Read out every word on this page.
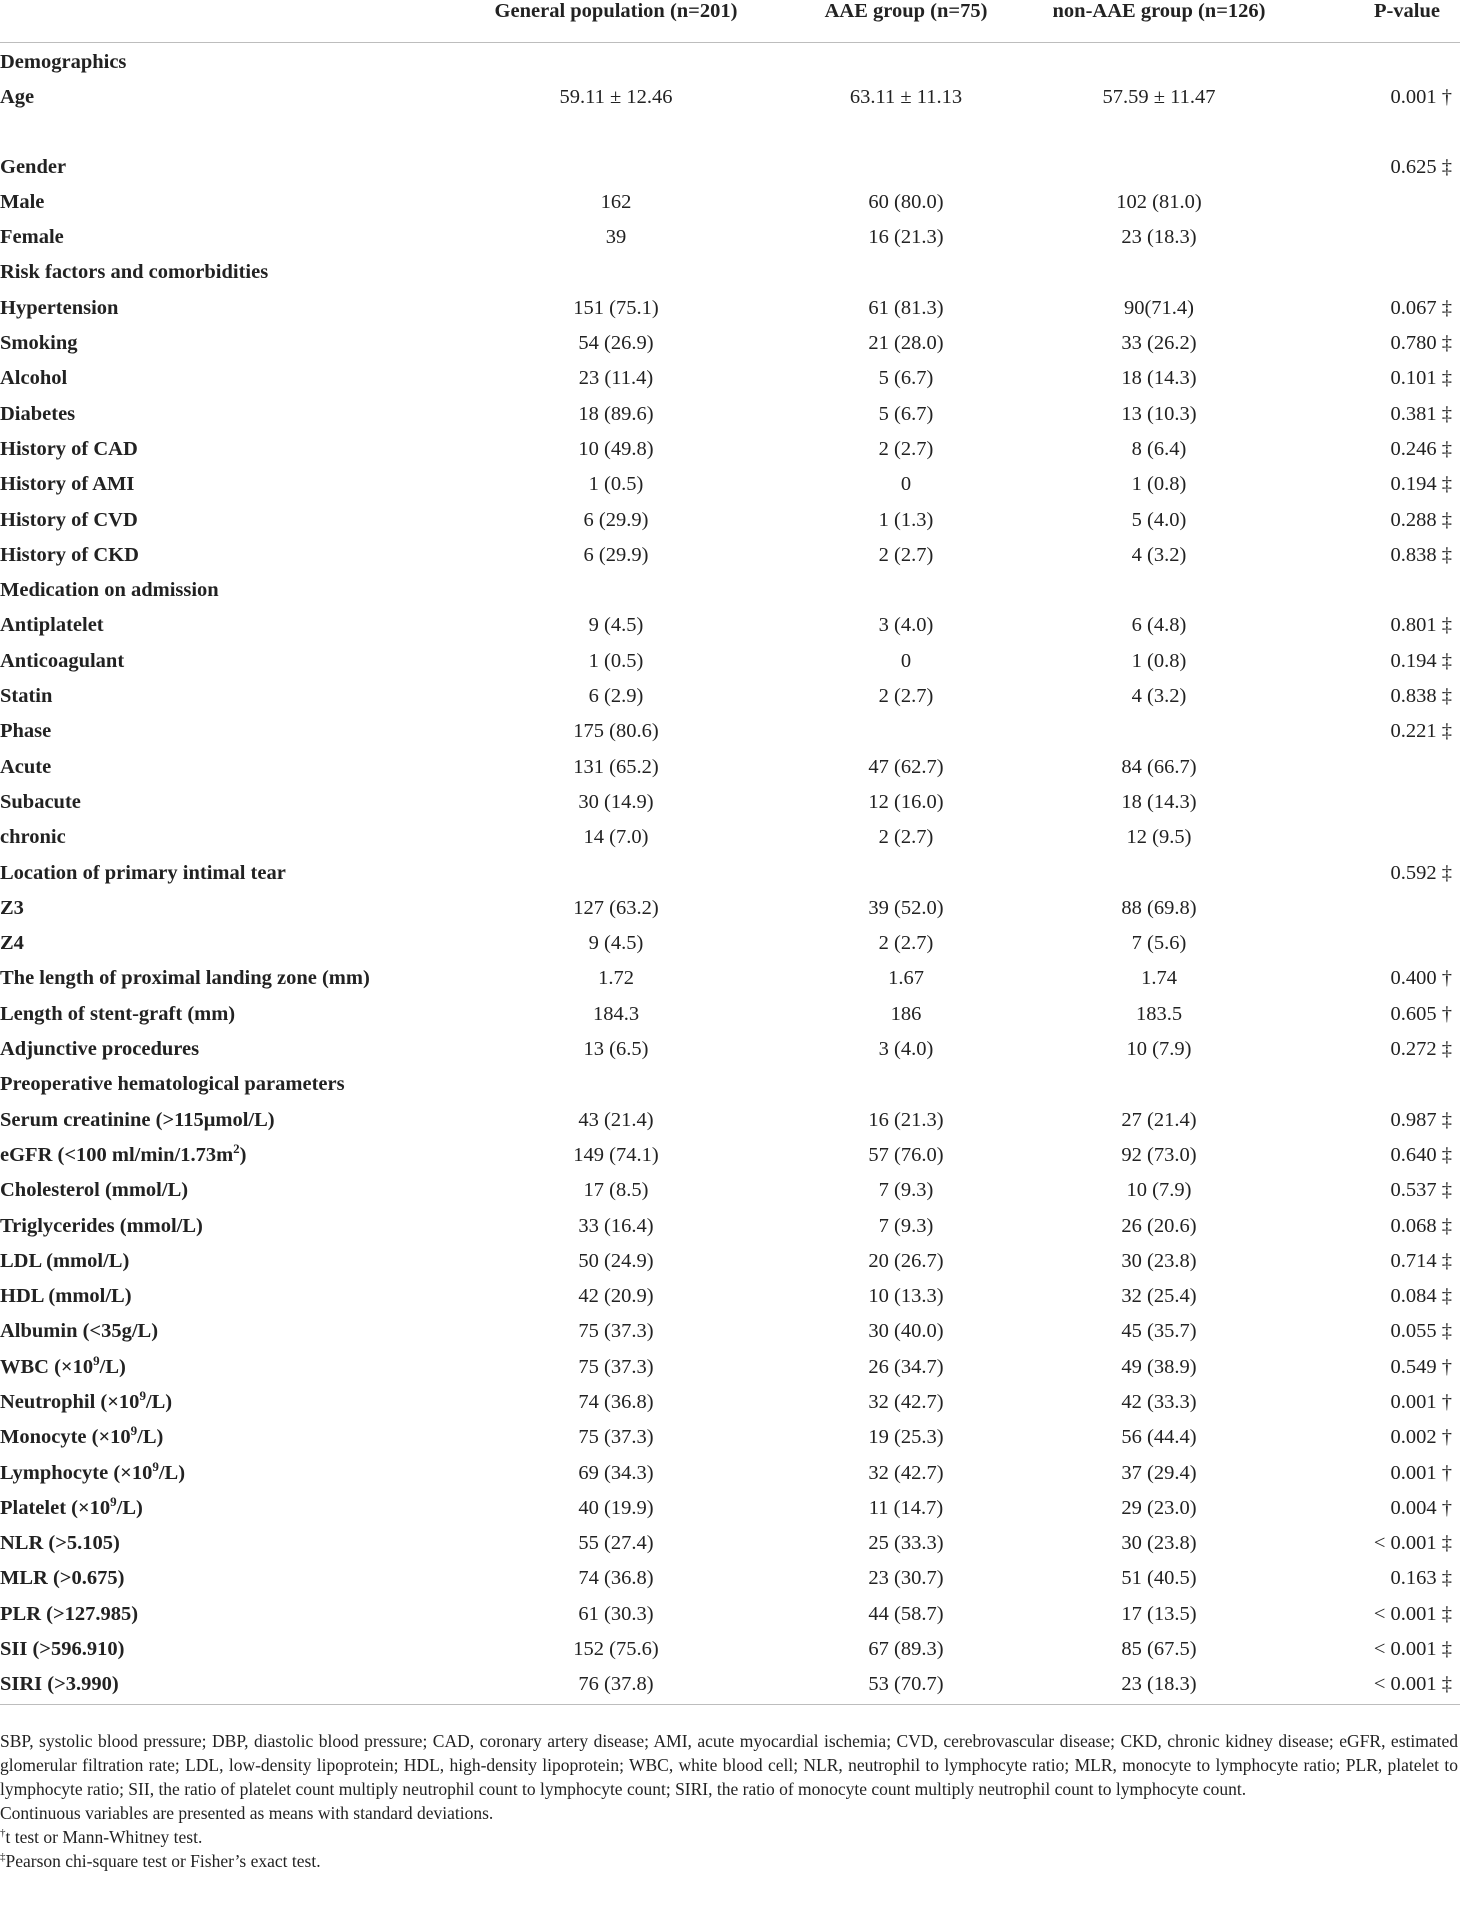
	General population (n=201)	AAE group (n=75)	non-AAE group (n=126)	P-value
Demographics				
Age	59.11 ± 12.46	63.11 ± 11.13	57.59 ± 11.47	0.001 †

Gender				0.625 ‡
Male	162	60 (80.0)	102 (81.0)	
Female	39	16 (21.3)	23 (18.3)	
Risk factors and comorbidities				
Hypertension	151 (75.1)	61 (81.3)	90(71.4)	0.067 ‡
Smoking	54 (26.9)	21 (28.0)	33 (26.2)	0.780 ‡
Alcohol	23 (11.4)	5 (6.7)	18 (14.3)	0.101 ‡
Diabetes	18 (89.6)	5 (6.7)	13 (10.3)	0.381 ‡
History of CAD	10 (49.8)	2 (2.7)	8 (6.4)	0.246 ‡
History of AMI	1 (0.5)	0	1 (0.8)	0.194 ‡
History of CVD	6 (29.9)	1 (1.3)	5 (4.0)	0.288 ‡
History of CKD	6 (29.9)	2 (2.7)	4 (3.2)	0.838 ‡
Medication on admission				
Antiplatelet	9 (4.5)	3 (4.0)	6 (4.8)	0.801 ‡
Anticoagulant	1 (0.5)	0	1 (0.8)	0.194 ‡
Statin	6 (2.9)	2 (2.7)	4 (3.2)	0.838 ‡
Phase	175 (80.6)			0.221 ‡
Acute	131 (65.2)	47 (62.7)	84 (66.7)	
Subacute	30 (14.9)	12 (16.0)	18 (14.3)	
chronic	14 (7.0)	2 (2.7)	12 (9.5)	
Location of primary intimal tear				0.592 ‡
Z3	127 (63.2)	39 (52.0)	88 (69.8)	
Z4	9 (4.5)	2 (2.7)	7 (5.6)	
The length of proximal landing zone (mm)	1.72	1.67	1.74	0.400 †
Length of stent-graft (mm)	184.3	186	183.5	0.605 †
Adjunctive procedures	13 (6.5)	3 (4.0)	10 (7.9)	0.272 ‡
Preoperative hematological parameters				
Serum creatinine (>115μmol/L)	43 (21.4)	16 (21.3)	27 (21.4)	0.987 ‡
eGFR (<100 $ml/\min/1.73m^2$)	149 (74.1)	57 (76.0)	92 (73.0)	0.640 ‡
Cholesterol (mmol/L)	17 (8.5)	7 (9.3)	10 (7.9)	0.537 ‡
Triglycerides (mmol/L)	33 (16.4)	7 (9.3)	26 (20.6)	0.068 ‡
LDL (mmol/L)	50 (24.9)	20 (26.7)	30 (23.8)	0.714 ‡
HDL (mmol/L)	42 (20.9)	10 (13.3)	32 (25.4)	0.084 ‡
Albumin (<35g/L)	75 (37.3)	30 (40.0)	45 (35.7)	0.055 ‡
WBC $(\times 10^9/L)$	75 (37.3)	26 (34.7)	49 (38.9)	0.549 †
Neutrophil $(\times 10^9/L)$	74 (36.8)	32 (42.7)	42 (33.3)	0.001 †
Monocyte $(\times 10^9/L)$	75 (37.3)	19 (25.3)	56 (44.4)	0.002 †
Lymphocyte $(\times 10^9/L)$	69 (34.3)	32 (42.7)	37 (29.4)	0.001 †
Platelet $(\times 10^9/L)$	40 (19.9)	11 (14.7)	29 (23.0)	0.004 †
NLR (>5.105)	55 (27.4)	25 (33.3)	30 (23.8)	< 0.001 ‡
MLR (>0.675)	74 (36.8)	23 (30.7)	51 (40.5)	0.163 ‡
PLR (>127.985)	61 (30.3)	44 (58.7)	17 (13.5)	< 0.001 ‡
SII (>596.910)	152 (75.6)	67 (89.3)	85 (67.5)	< 0.001 ‡
SIRI (>3.990)	76 (37.8)	53 (70.7)	23 (18.3)	< 0.001 ‡

SBP, systolic blood pressure; DBP, diastolic blood pressure; CAD, coronary artery disease; AMI, acute myocardial ischemia; CVD, cerebrovascular disease; CKD, chronic kidney disease; eGFR, estimated glomerular filtration rate; LDL, low-density lipoprotein; HDL, high-density lipoprotein; WBC, white blood cell; NLR, neutrophil to lymphocyte ratio; MLR, monocyte to lymphocyte ratio; PLR, platelet to lymphocyte ratio; SII, the ratio of platelet count multiply neutrophil count to lymphocyte count; SIRI, the ratio of monocyte count multiply neutrophil count to lymphocyte count.

Continuous variables are presented as means with standard deviations.

†t test or Mann-Whitney test.

‡Pearson chi-square test or Fisher’s exact test.
